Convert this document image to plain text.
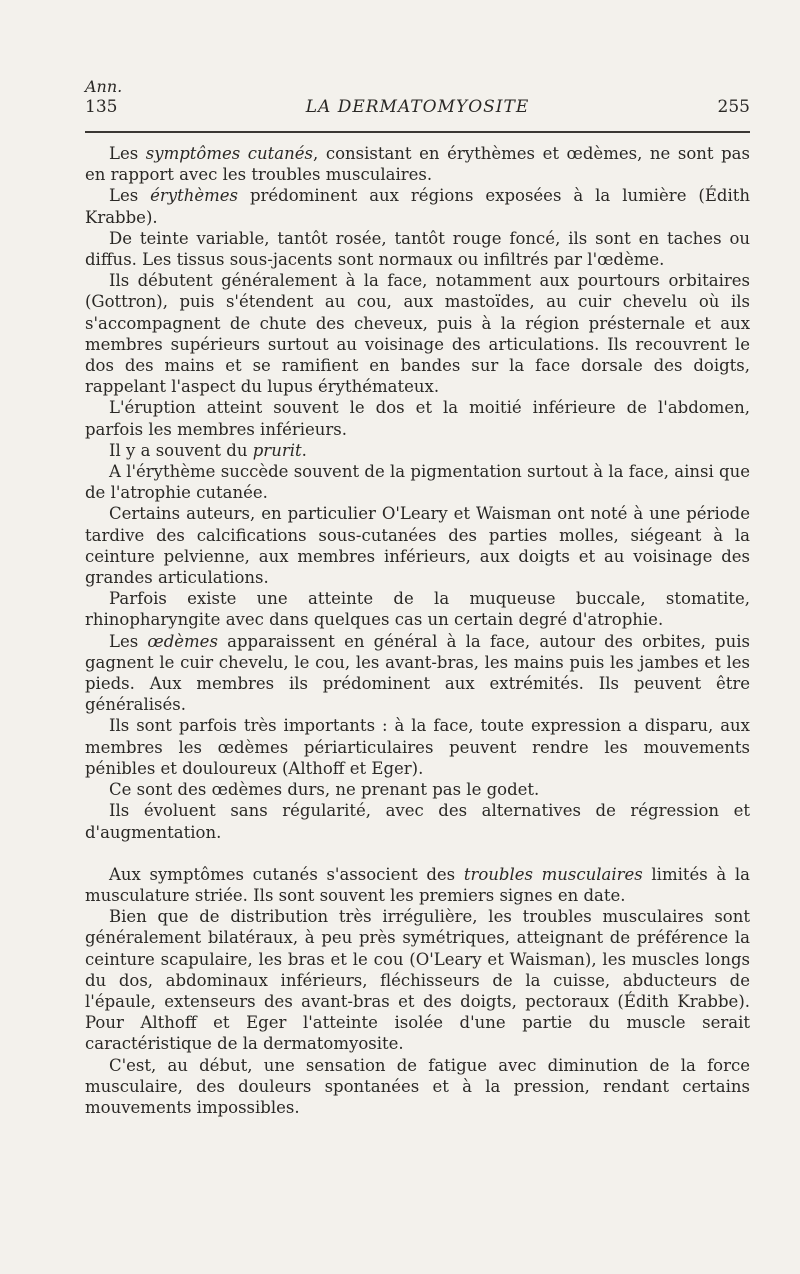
Ann.
135	LA DERMATOMYOSITE	255

Les symptômes cutanés, consistant en érythèmes et œdèmes, ne sont pas en rapport avec les troubles musculaires.

Les érythèmes prédominent aux régions exposées à la lumière (Édith Krabbe).

De teinte variable, tantôt rosée, tantôt rouge foncé, ils sont en taches ou diffus. Les tissus sous-jacents sont normaux ou infiltrés par l'œdème.

Ils débutent généralement à la face, notamment aux pourtours orbitaires (Gottron), puis s'étendent au cou, aux mastoïdes, au cuir chevelu où ils s'accompagnent de chute des cheveux, puis à la région présternale et aux membres supérieurs surtout au voisinage des articulations. Ils recouvrent le dos des mains et se ramifient en bandes sur la face dorsale des doigts, rappelant l'aspect du lupus érythémateux.

L'éruption atteint souvent le dos et la moitié inférieure de l'abdomen, parfois les membres inférieurs.

Il y a souvent du prurit.

A l'érythème succède souvent de la pigmentation surtout à la face, ainsi que de l'atrophie cutanée.

Certains auteurs, en particulier O'Leary et Waisman ont noté à une période tardive des calcifications sous-cutanées des parties molles, siégeant à la ceinture pelvienne, aux membres inférieurs, aux doigts et au voisinage des grandes articulations.

Parfois existe une atteinte de la muqueuse buccale, stomatite, rhinopharyngite avec dans quelques cas un certain degré d'atrophie.

Les œdèmes apparaissent en général à la face, autour des orbites, puis gagnent le cuir chevelu, le cou, les avant-bras, les mains puis les jambes et les pieds. Aux membres ils prédominent aux extrémités. Ils peuvent être généralisés.

Ils sont parfois très importants : à la face, toute expression a disparu, aux membres les œdèmes périarticulaires peuvent rendre les mouvements pénibles et douloureux (Althoff et Eger).

Ce sont des œdèmes durs, ne prenant pas le godet.

Ils évoluent sans régularité, avec des alternatives de régression et d'augmentation.

Aux symptômes cutanés s'associent des troubles musculaires limités à la musculature striée. Ils sont souvent les premiers signes en date.

Bien que de distribution très irrégulière, les troubles musculaires sont généralement bilatéraux, à peu près symétriques, atteignant de préférence la ceinture scapulaire, les bras et le cou (O'Leary et Waisman), les muscles longs du dos, abdominaux inférieurs, fléchisseurs de la cuisse, abducteurs de l'épaule, extenseurs des avant-bras et des doigts, pectoraux (Édith Krabbe). Pour Althoff et Eger l'atteinte isolée d'une partie du muscle serait caractéristique de la dermatomyosite.

C'est, au début, une sensation de fatigue avec diminution de la force musculaire, des douleurs spontanées et à la pression, rendant certains mouvements impossibles.
